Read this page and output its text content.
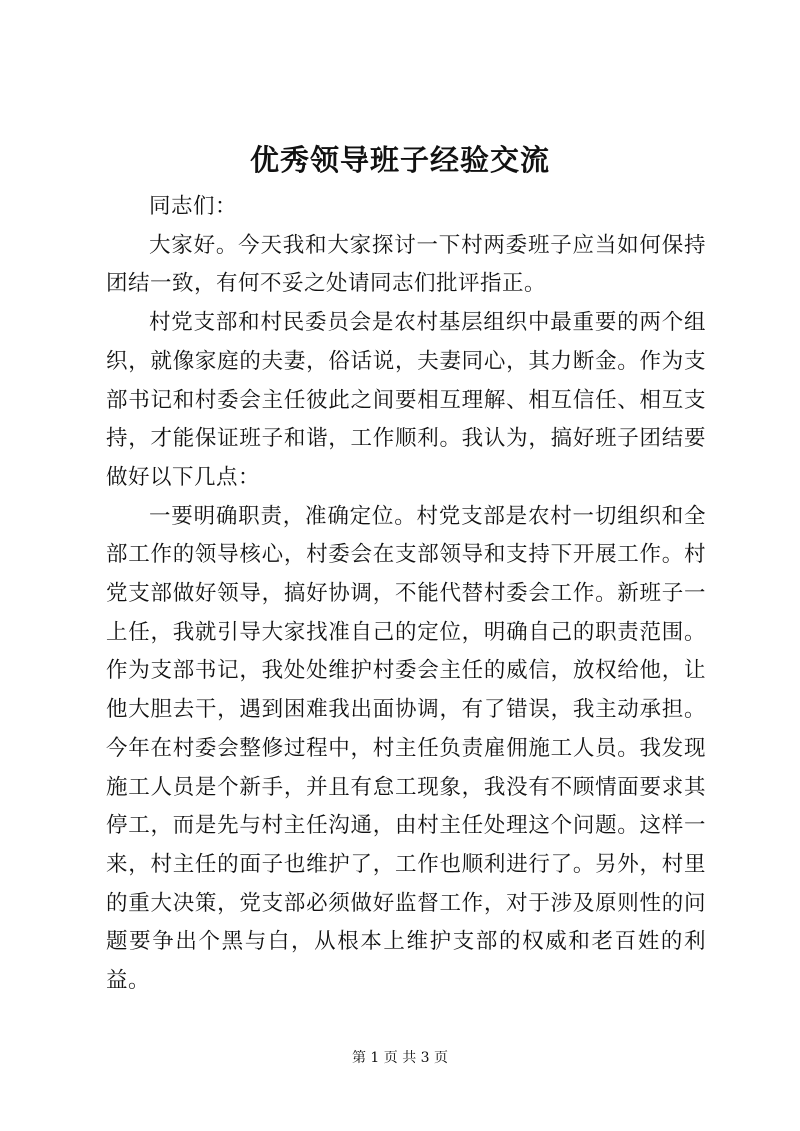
优秀领导班子经验交流

同志们：

大家好。今天我和大家探讨一下村两委班子应当如何保持团结一致，有何不妥之处请同志们批评指正。

村党支部和村民委员会是农村基层组织中最重要的两个组织，就像家庭的夫妻，俗话说，夫妻同心，其力断金。作为支部书记和村委会主任彼此之间要相互理解、相互信任、相互支持，才能保证班子和谐，工作顺利。我认为，搞好班子团结要做好以下几点：

一要明确职责，准确定位。村党支部是农村一切组织和全部工作的领导核心，村委会在支部领导和支持下开展工作。村党支部做好领导，搞好协调，不能代替村委会工作。新班子一上任，我就引导大家找准自己的定位，明确自己的职责范围。作为支部书记，我处处维护村委会主任的威信，放权给他，让他大胆去干，遇到困难我出面协调，有了错误，我主动承担。今年在村委会整修过程中，村主任负责雇佣施工人员。我发现施工人员是个新手，并且有怠工现象，我没有不顾情面要求其停工，而是先与村主任沟通，由村主任处理这个问题。这样一来，村主任的面子也维护了，工作也顺利进行了。另外，村里的重大决策，党支部必须做好监督工作，对于涉及原则性的问题要争出个黑与白，从根本上维护支部的权威和老百姓的利益。

第 1 页 共 3 页
